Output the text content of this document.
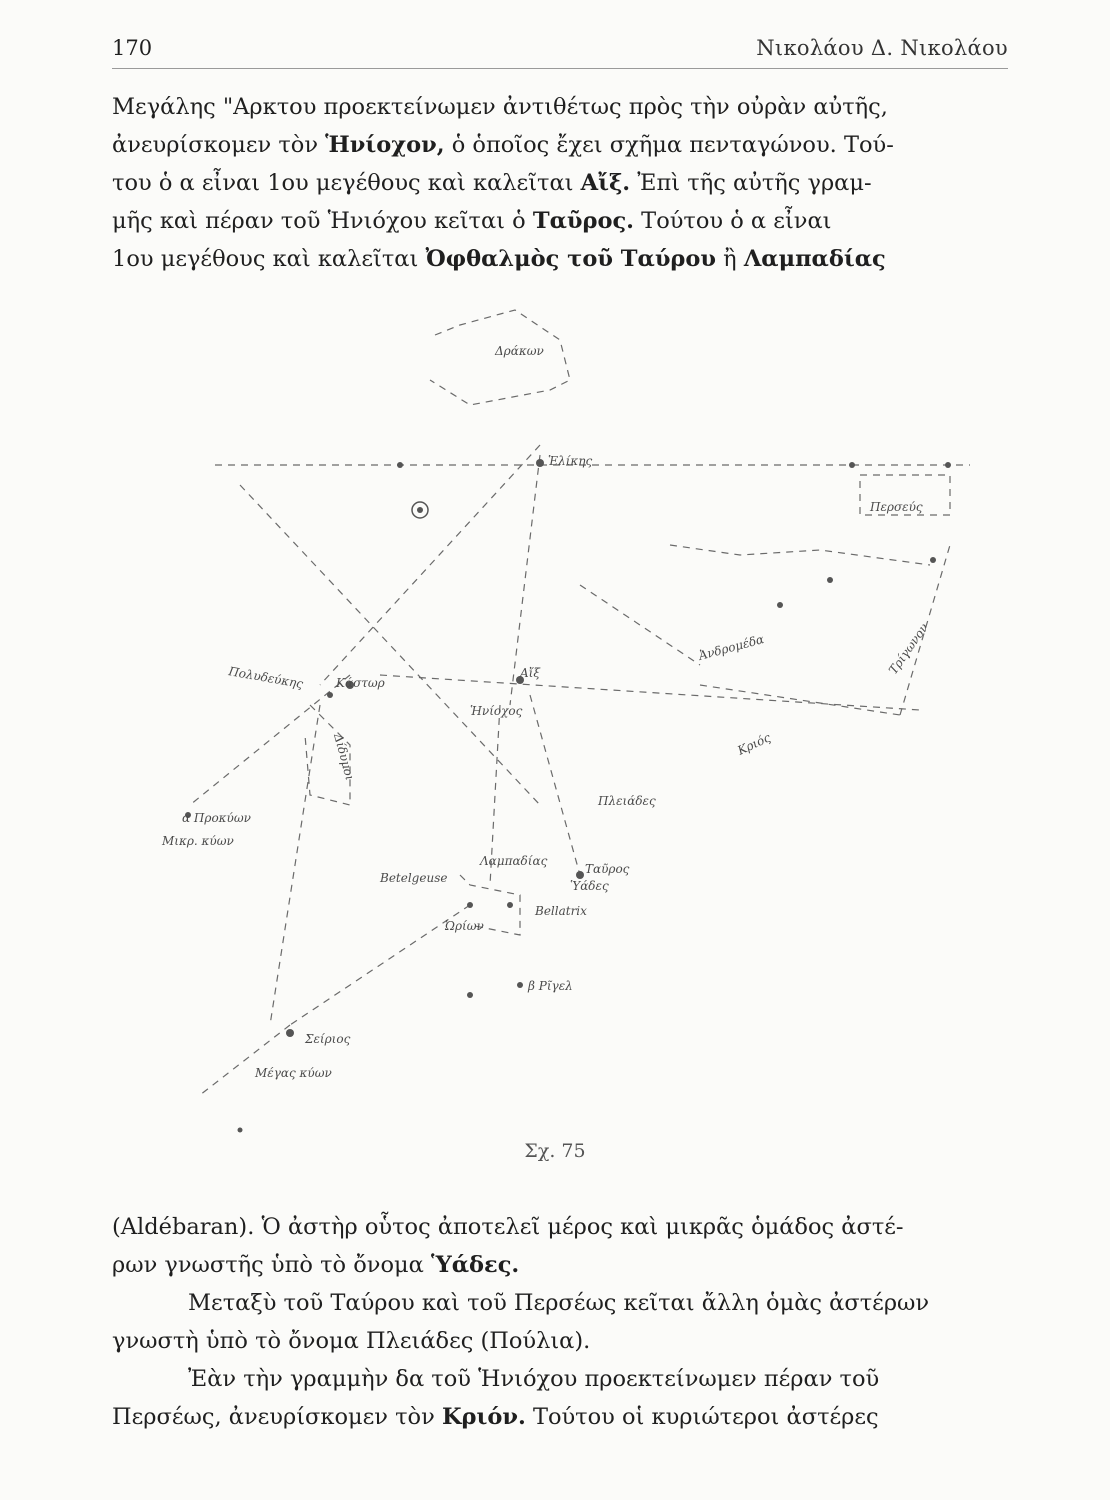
170	Νικολάου Δ. Νικολάου
Μεγάλης "Αρκτου προεκτείνωμεν ἀντιθέτως πρὸς τὴν οὐρὰν αὐτῆς,
ἀνευρίσκομεν τὸν Ἡνίοχον, ὁ ὁποῖος ἔχει σχῆμα πενταγώνου. Τού-
του ὁ α εἶναι 1ου μεγέθους καὶ καλεῖται Αἴξ. Ἐπὶ τῆς αὐτῆς γραμ-
μῆς καὶ πέραν τοῦ Ἡνιόχου κεῖται ὁ Ταῦρος. Τούτου ὁ α εἶναι
1ου μεγέθους καὶ καλεῖται Ὀφθαλμὸς τοῦ Ταύρου ἢ Λαμπαδίας
Δράκων
Ἑλίκης
Περσεύς
Ἀνδρομέδα
Πλειάδες
Πολυδεύκης	Κάστωρ
Δίδυμοι
α Προκύων
Μικρ. κύων
Αἴξ
Ἡνίοχος
Κριός
Τρίγωνον
Λαμπαδίας
Ταῦρος
Ὑάδες
Betelgeuse
Bellatrix
Ὠρίων
β Ρῖγελ
Σείριος
Μέγας κύων
Σχ. 75
(Aldébaran). Ὁ ἀστὴρ οὗτος ἀποτελεῖ μέρος καὶ μικρᾶς ὁμάδος ἀστέ-
ρων γνωστῆς ὑπὸ τὸ ὄνομα Ὑάδες.
Μεταξὺ τοῦ Ταύρου καὶ τοῦ Περσέως κεῖται ἄλλη ὁμὰς ἀστέρων
γνωστὴ ὑπὸ τὸ ὄνομα Πλειάδες (Πούλια).
Ἐὰν τὴν γραμμὴν δα τοῦ Ἡνιόχου προεκτείνωμεν πέραν τοῦ
Περσέως, ἀνευρίσκομεν τὸν Κριόν. Τούτου οἱ κυριώτεροι ἀστέρες
